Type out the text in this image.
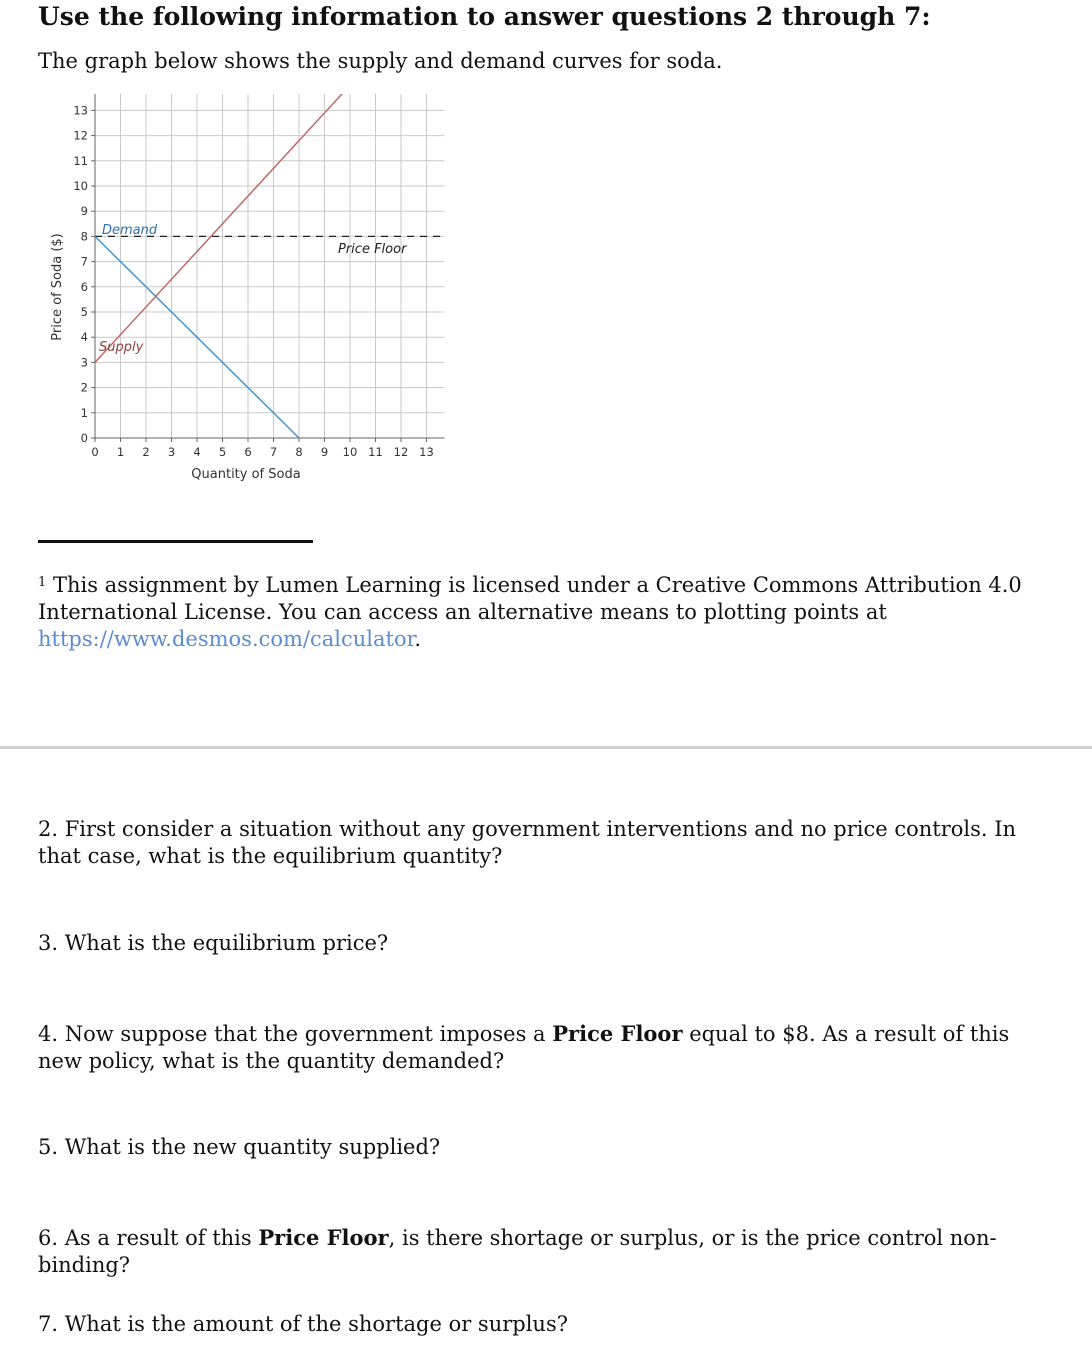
Use the following information to answer questions 2 through 7:

The graph below shows the supply and demand curves for soda.

0 1 2 3 4 5 6 7 8 9 10 11 12 13
0
1
2
3
4
5
6
7
8
9
10
11
12
13
Quantity of Soda
Price of Soda ($)
Demand
Supply
Price Floor

$^1$ This assignment by Lumen Learning is licensed under a Creative Commons Attribution 4.0 International License. You can access an alternative means to plotting points at https://www.desmos.com/calculator.

2. First consider a situation without any government interventions and no price controls. In that case, what is the equilibrium quantity?

3. What is the equilibrium price?

4. Now suppose that the government imposes a Price Floor equal to $8. As a result of this new policy, what is the quantity demanded?

5. What is the new quantity supplied?

6. As a result of this Price Floor, is there shortage or surplus, or is the price control non-binding?

7. What is the amount of the shortage or surplus?
